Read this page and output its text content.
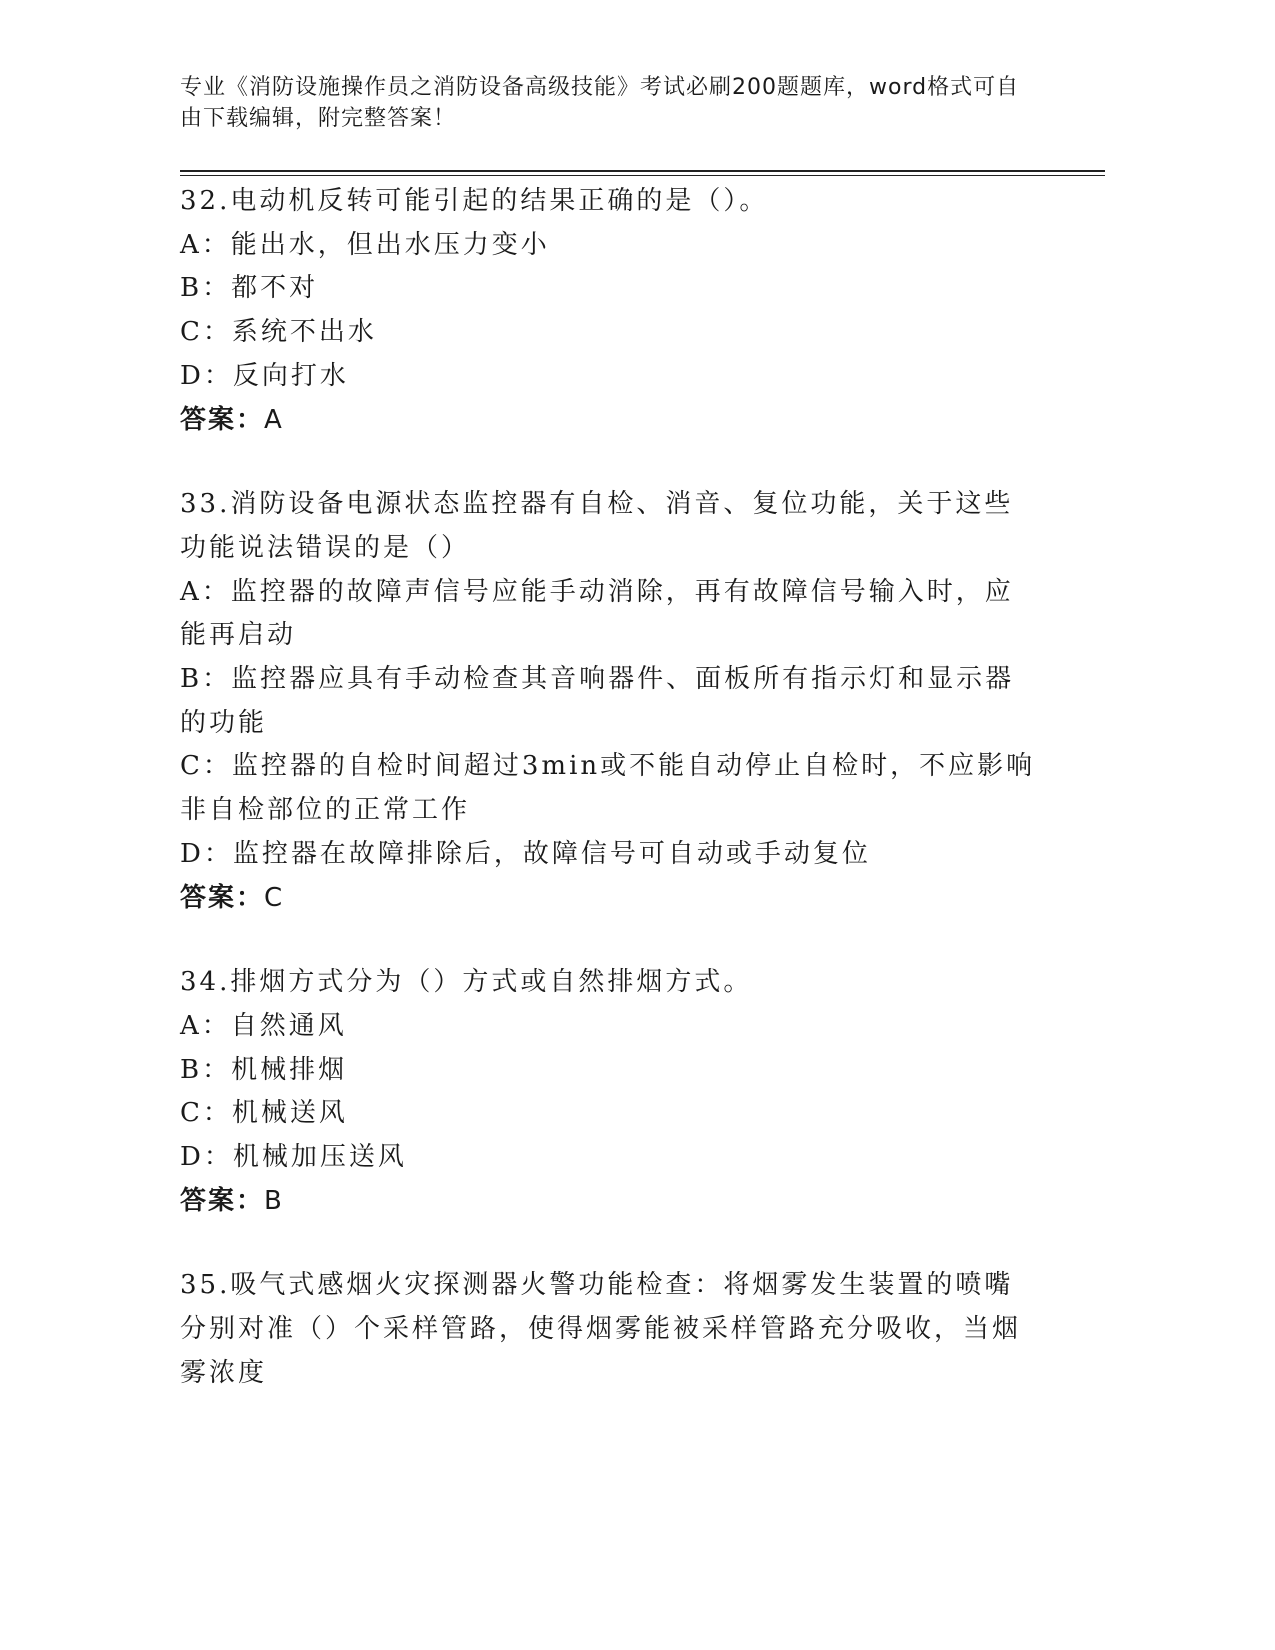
专业《消防设施操作员之消防设备高级技能》考试必刷200题题库，word格式可自由下载编辑，附完整答案！
32.电动机反转可能引起的结果正确的是（）。
A：能出水，但出水压力变小
B：都不对
C：系统不出水
D：反向打水
答案：A
33.消防设备电源状态监控器有自检、消音、复位功能，关于这些功能说法错误的是（）
A：监控器的故障声信号应能手动消除，再有故障信号输入时，应能再启动
B：监控器应具有手动检查其音响器件、面板所有指示灯和显示器的功能
C：监控器的自检时间超过3min或不能自动停止自检时，不应影响非自检部位的正常工作
D：监控器在故障排除后，故障信号可自动或手动复位
答案：C
34.排烟方式分为（）方式或自然排烟方式。
A：自然通风
B：机械排烟
C：机械送风
D：机械加压送风
答案：B
35.吸气式感烟火灾探测器火警功能检查：将烟雾发生装置的喷嘴分别对准（）个采样管路，使得烟雾能被采样管路充分吸收，当烟雾浓度
